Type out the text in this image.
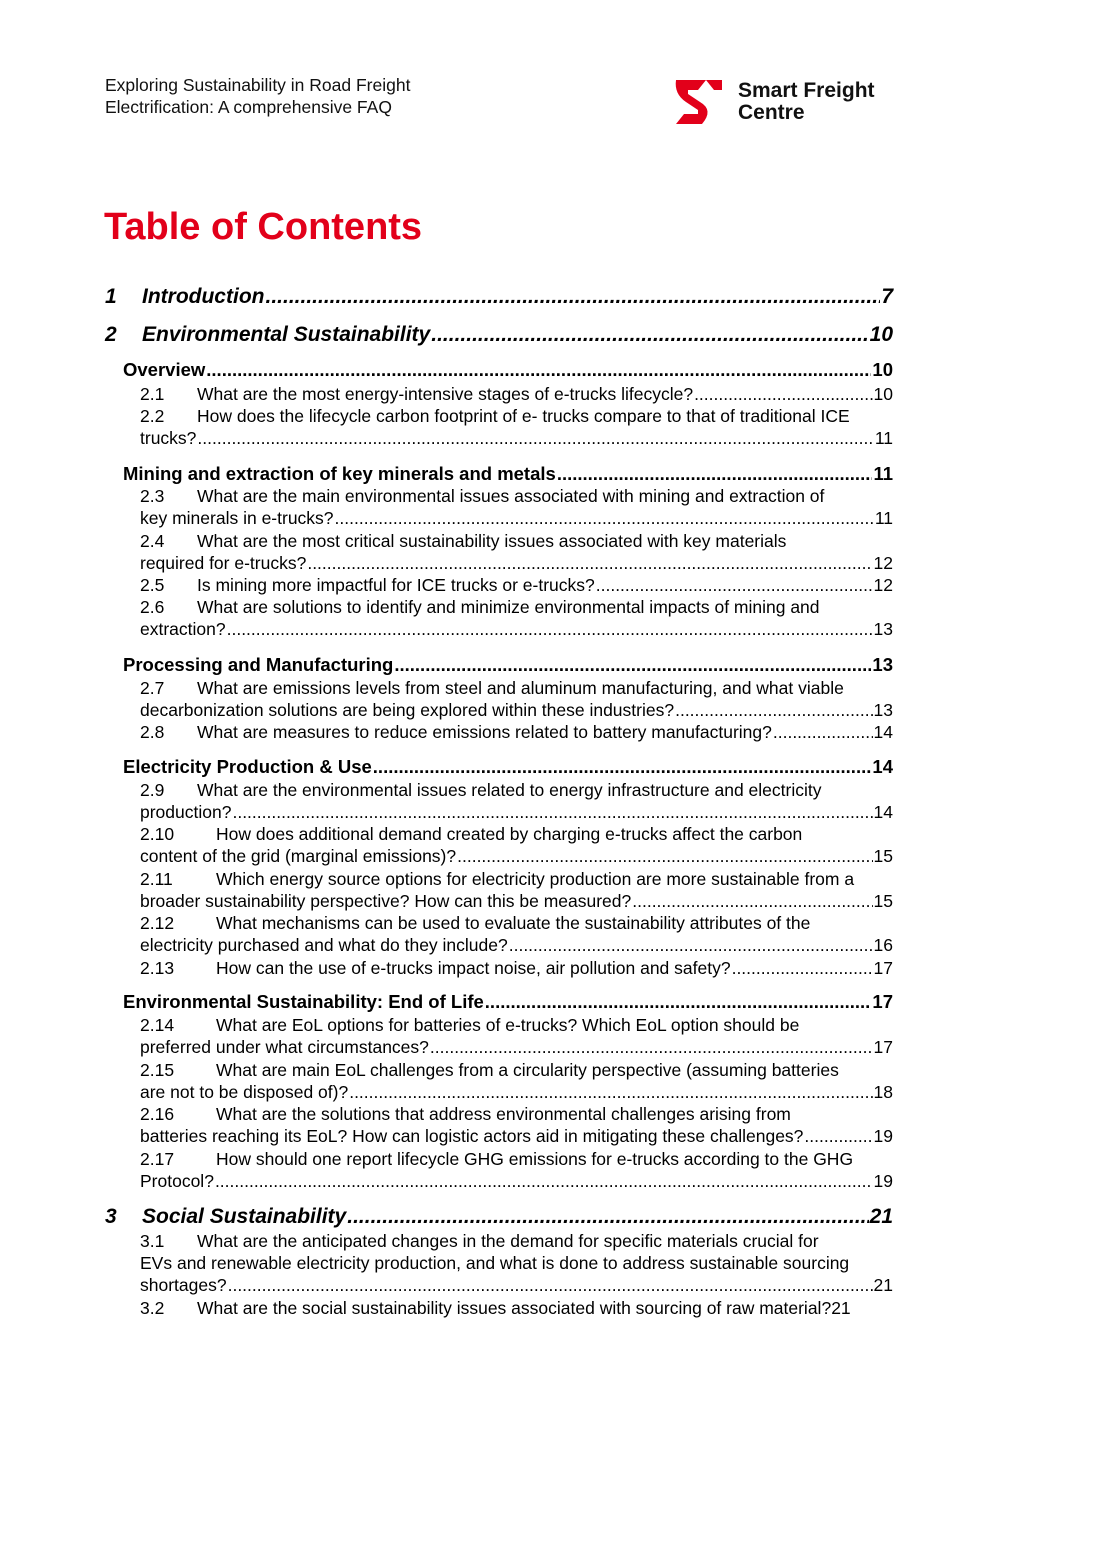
Exploring Sustainability in Road Freight
Electrification: A comprehensive FAQ
Smart Freight
Centre
Table of Contents
1	Introduction .....	7
2	Environmental Sustainability .....	10
Overview .....	10
2.1	What are the most energy-intensive stages of e-trucks lifecycle? .....	10
2.2	How does the lifecycle carbon footprint of e- trucks compare to that of traditional ICE
trucks? .....	11
Mining and extraction of key minerals and metals .....	11
2.3	What are the main environmental issues associated with mining and extraction of
key minerals in e-trucks? .....	11
2.4	What are the most critical sustainability issues associated with key materials
required for e-trucks? .....	12
2.5	Is mining more impactful for ICE trucks or e-trucks? .....	12
2.6	What are solutions to identify and minimize environmental impacts of mining and
extraction? .....	13
Processing and Manufacturing .....	13
2.7	What are emissions levels from steel and aluminum manufacturing, and what viable
decarbonization solutions are being explored within these industries? .....	13
2.8	What are measures to reduce emissions related to battery manufacturing? .....	14
Electricity Production & Use .....	14
2.9	What are the environmental issues related to energy infrastructure and electricity
production? .....	14
2.10	How does additional demand created by charging e-trucks affect the carbon
content of the grid (marginal emissions)? .....	15
2.11	Which energy source options for electricity production are more sustainable from a
broader sustainability perspective? How can this be measured? .....	15
2.12	What mechanisms can be used to evaluate the sustainability attributes of the
electricity purchased and what do they include? .....	16
2.13	How can the use of e-trucks impact noise, air pollution and safety? .....	17
Environmental Sustainability: End of Life .....	17
2.14	What are EoL options for batteries of e-trucks? Which EoL option should be
preferred under what circumstances? .....	17
2.15	What are main EoL challenges from a circularity perspective (assuming batteries
are not to be disposed of)? .....	18
2.16	What are the solutions that address environmental challenges arising from
batteries reaching its EoL? How can logistic actors aid in mitigating these challenges? .....	19
2.17	How should one report lifecycle GHG emissions for e-trucks according to the GHG
Protocol? .....	19
3	Social Sustainability .....	21
3.1	What are the anticipated changes in the demand for specific materials crucial for
EVs and renewable electricity production, and what is done to address sustainable sourcing
shortages? .....	21
3.2	What are the social sustainability issues associated with sourcing of raw material? 21
